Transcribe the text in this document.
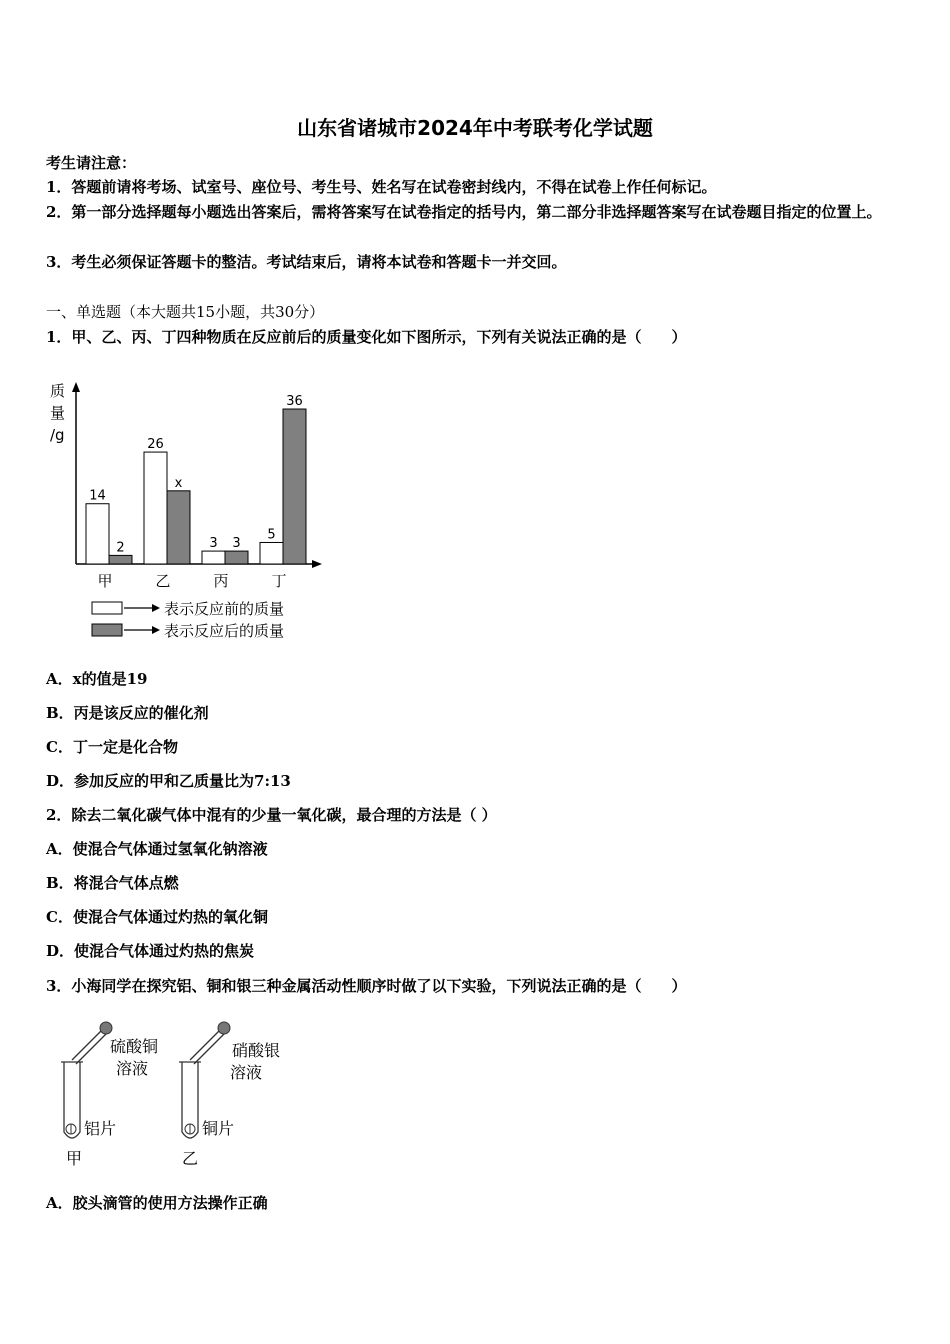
山东省诸城市2024年中考联考化学试题
考生请注意：
1．答题前请将考场、试室号、座位号、考生号、姓名写在试卷密封线内，不得在试卷上作任何标记。
2．第一部分选择题每小题选出答案后，需将答案写在试卷指定的括号内，第二部分非选择题答案写在试卷题目指定的位置上。
3．考生必须保证答题卡的整洁。考试结束后，请将本试卷和答题卡一并交回。
一、单选题（本大题共15小题，共30分）
1．甲、乙、丙、丁四种物质在反应前后的质量变化如下图所示，下列有关说法正确的是（　　）
质
量
/g
14
2
甲
26
x
乙
3 3
丙
5
36
丁
表示反应前的质量
表示反应后的质量
A．x的值是19
B．丙是该反应的催化剂
C．丁一定是化合物
D．参加反应的甲和乙质量比为7:13
2．除去二氧化碳气体中混有的少量一氧化碳，最合理的方法是（ ）
A．使混合气体通过氢氧化钠溶液
B．将混合气体点燃
C．使混合气体通过灼热的氧化铜
D．使混合气体通过灼热的焦炭
3．小海同学在探究铝、铜和银三种金属活动性顺序时做了以下实验，下列说法正确的是（　　）
硫酸铜
溶液
铝片
甲
硝酸银
溶液
铜片
乙
A．胶头滴管的使用方法操作正确
